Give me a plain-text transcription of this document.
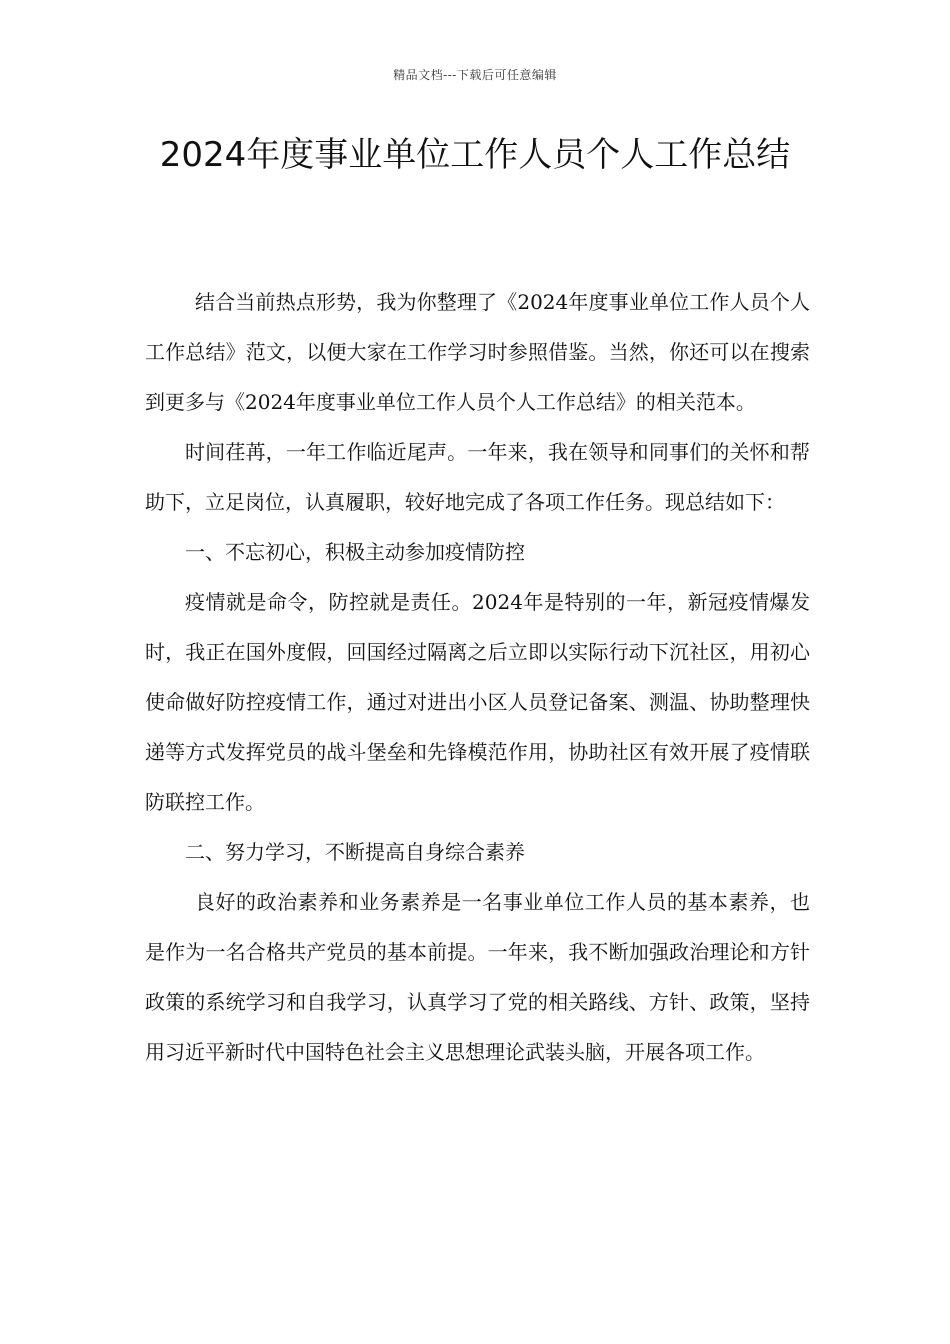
精品文档---下载后可任意编辑
2024年度事业单位工作人员个人工作总结

结合当前热点形势，我为你整理了《2024年度事业单位工作人员个人工作总结》范文，以便大家在工作学习时参照借鉴。当然，你还可以在搜索到更多与《2024年度事业单位工作人员个人工作总结》的相关范本。

时间荏苒，一年工作临近尾声。一年来，我在领导和同事们的关怀和帮助下，立足岗位，认真履职，较好地完成了各项工作任务。现总结如下：

一、不忘初心，积极主动参加疫情防控

疫情就是命令，防控就是责任。2024年是特别的一年，新冠疫情爆发时，我正在国外度假，回国经过隔离之后立即以实际行动下沉社区，用初心使命做好防控疫情工作，通过对进出小区人员登记备案、测温、协助整理快递等方式发挥党员的战斗堡垒和先锋模范作用，协助社区有效开展了疫情联防联控工作。

二、努力学习，不断提高自身综合素养

良好的政治素养和业务素养是一名事业单位工作人员的基本素养，也是作为一名合格共产党员的基本前提。一年来，我不断加强政治理论和方针政策的系统学习和自我学习，认真学习了党的相关路线、方针、政策，坚持用习近平新时代中国特色社会主义思想理论武装头脑，开展各项工作。
